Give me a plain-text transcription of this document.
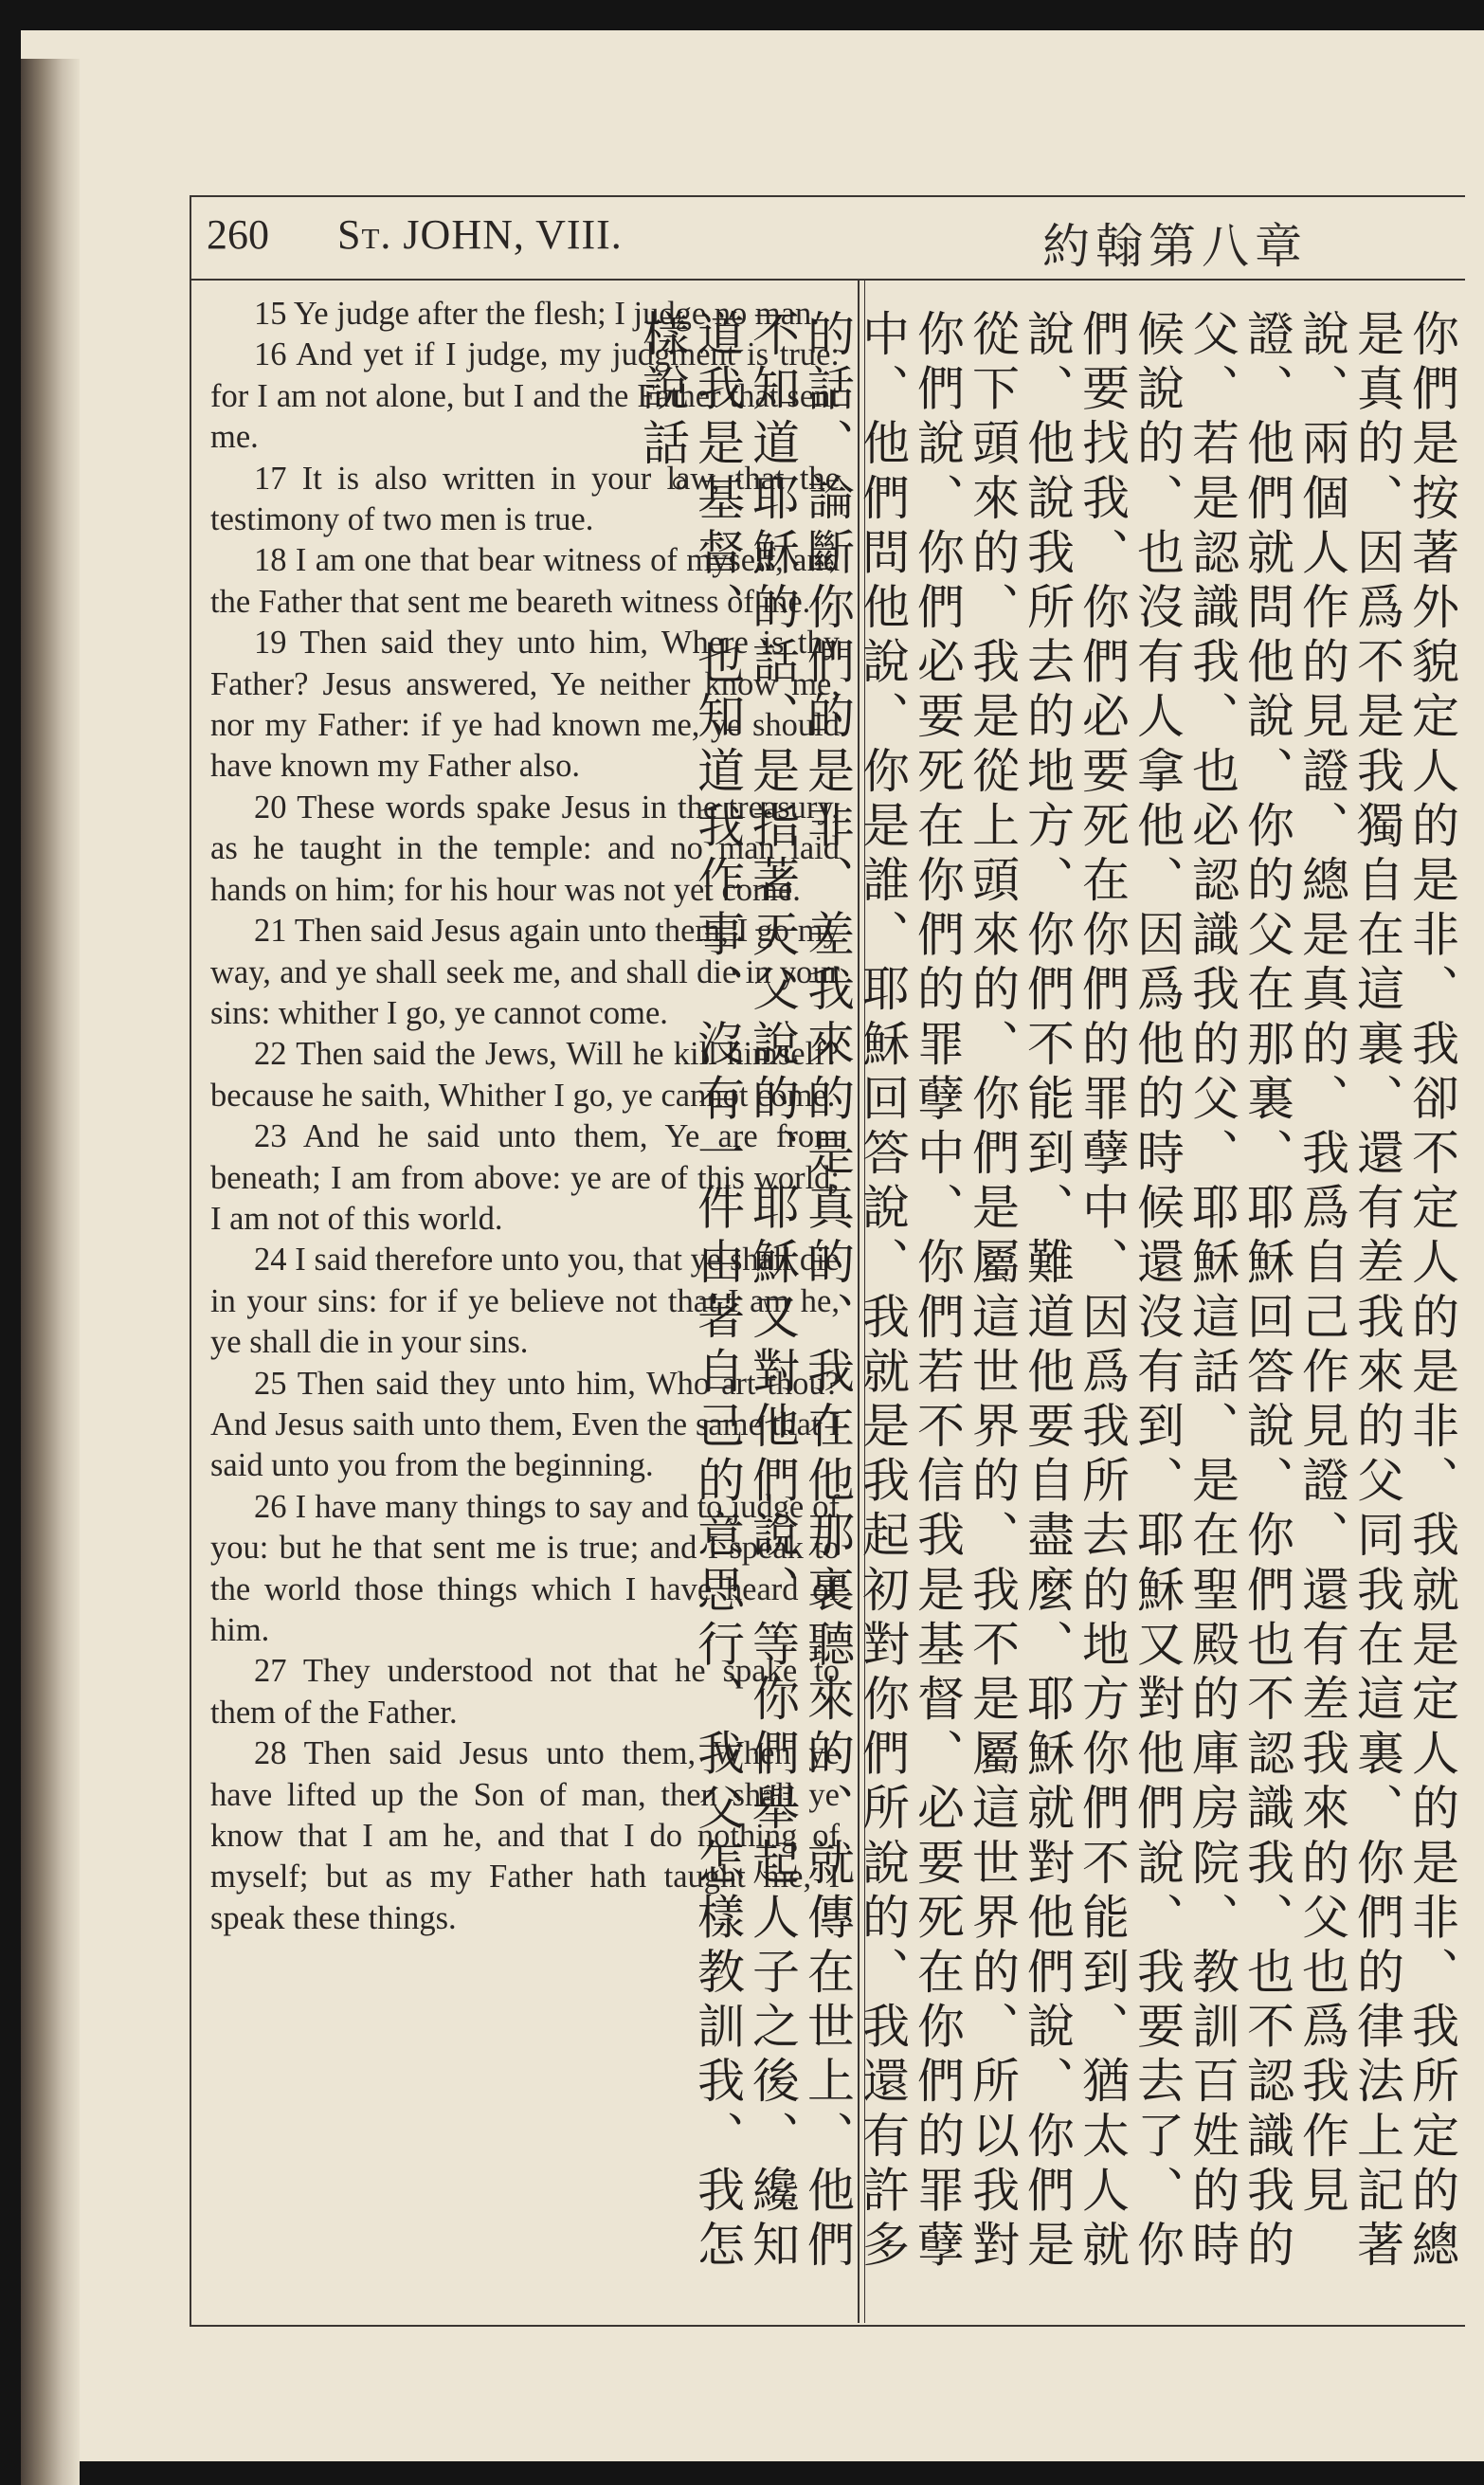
260 St. JOHN, VIII.	約翰第八章

15 Ye judge after the flesh; I judge no man.

16 And yet if I judge, my judgment is true: for I am not alone, but I and the Father that sent me.

17 It is also written in your law, that the testimony of two men is true.

18 I am one that bear witness of myself, and the Father that sent me beareth witness of me.

19 Then said they unto him, Where is thy Father? Jesus answered, Ye neither know me, nor my Father: if ye had known me, ye should have known my Father also.

20 These words spake Jesus in the treasury, as he taught in the temple: and no man laid hands on him; for his hour was not yet come.

21 Then said Jesus again unto them, I go my way, and ye shall seek me, and shall die in your sins: whither I go, ye cannot come.

22 Then said the Jews, Will he kill himself? because he saith, Whither I go, ye cannot come.

23 And he said unto them, Ye are from beneath; I am from above: ye are of this world; I am not of this world.

24 I said therefore unto you, that ye shall die in your sins: for if ye believe not that I am he, ye shall die in your sins.

25 Then said they unto him, Who art thou? And Jesus saith unto them, Even the same that I said unto you from the beginning.

26 I have many things to say and to judge of you: but he that sent me is true; and I speak to the world those things which I have heard of him.

27 They understood not that he spake to them of the Father.

28 Then said Jesus unto them, When ye have lifted up the Son of man, then shall ye know that I am he, and that I do nothing of myself; but as my Father hath taught me, I speak these things.	你們是按著外貌定人的是非、我卻不定人的是非、我就是定人的是非、我所定的總是真的、因爲不是我獨自在這裏、還有差我來的父同我在這裏、你們的律法上記著說、兩個人作的見證、總是真的、我爲自己作見證、還有差我來的父也爲我作見證、他們就問他說、你的父在那裏、耶穌回答說、你們也不認識我、也不認識我的父、若是認識我、也必認識我的父、耶穌這話、是在聖殿的庫房院、教訓百姓的時候說的、也沒有人拿他、因爲他的時候還沒有到、耶穌又對他們說、我要去了、你們要找我、你們必要死在你們的罪孽中、因爲我所去的地方你們不能到、猶太人就說、他說我所去的地方、你們不能到、難道他要自盡麼、耶穌就對他們說、你們是從下頭來的、我是從上頭來的、你們是屬這世界的、我不是屬這世界的、所以我對你們說、你們必要死在你們的罪孽中、你們若不信我是基督、必要死在你們的罪孽中、他們問他說、你是誰、耶穌回答說、我就是我起初對你們所說的、我還有許多的話、論斷你們的是非、差我來的是真的、我在他那裏聽來的、就傳在世上、他們不知道耶穌的話、是指著天父說的、耶穌又對他們說、等你們舉起人子之後、纔知道我是基督、也知道我作事、沒有一件由著自己的意思行、我父怎樣教訓我、我怎樣說話。
